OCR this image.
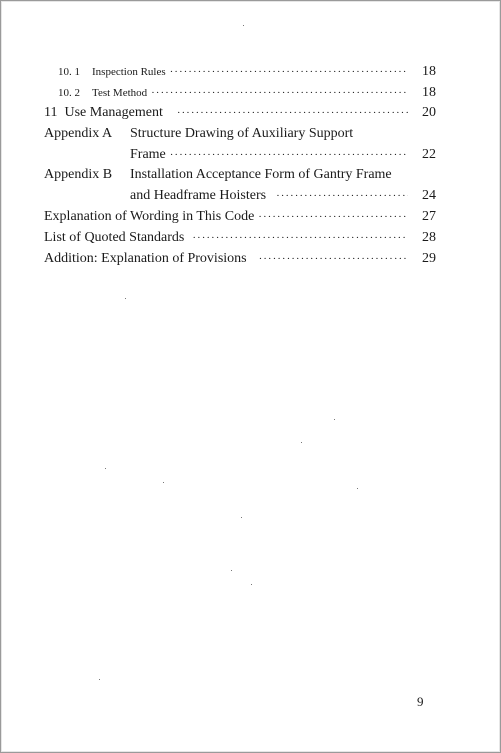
10. 1 Inspection Rules ·····	18
10. 2 Test Method ·····	18
11 Use Management ·····	20
Appendix A Structure Drawing of Auxiliary Support
Frame ·····	22
Appendix B Installation Acceptance Form of Gantry Frame
and Headframe Hoisters ·····	24
Explanation of Wording in This Code ·····	27
List of Quoted Standards ·····	28
Addition: Explanation of Provisions ·····	29
9
